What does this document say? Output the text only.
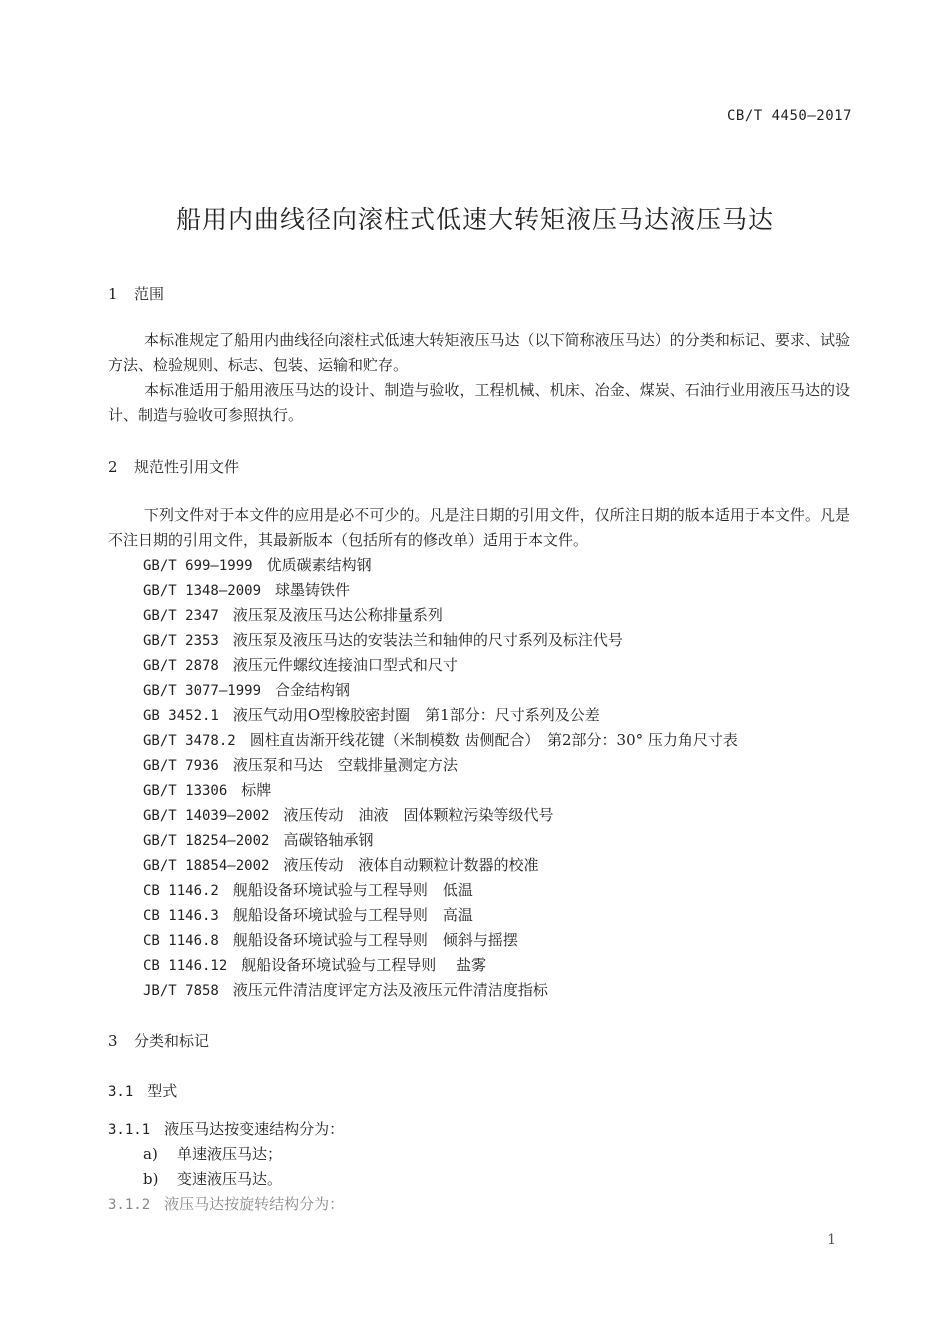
CB/T 4450—2017
船用内曲线径向滚柱式低速大转矩液压马达液压马达
1 范围
本标准规定了船用内曲线径向滚柱式低速大转矩液压马达（以下简称液压马达）的分类和标记、要求、试验方法、检验规则、标志、包装、运输和贮存。
本标准适用于船用液压马达的设计、制造与验收，工程机械、机床、冶金、煤炭、石油行业用液压马达的设计、制造与验收可参照执行。
2 规范性引用文件
下列文件对于本文件的应用是必不可少的。凡是注日期的引用文件，仅所注日期的版本适用于本文件。凡是不注日期的引用文件，其最新版本（包括所有的修改单）适用于本文件。
GB/T 699—1999 优质碳素结构钢
GB/T 1348—2009 球墨铸铁件
GB/T 2347 液压泵及液压马达公称排量系列
GB/T 2353 液压泵及液压马达的安装法兰和轴伸的尺寸系列及标注代号
GB/T 2878 液压元件螺纹连接油口型式和尺寸
GB/T 3077—1999 合金结构钢
GB 3452.1 液压气动用O型橡胶密封圈　第1部分：尺寸系列及公差
GB/T 3478.2 圆柱直齿渐开线花键（米制模数 齿侧配合）　第2部分：30° 压力角尺寸表
GB/T 7936 液压泵和马达　空载排量测定方法
GB/T 13306 标牌
GB/T 14039—2002 液压传动　油液　固体颗粒污染等级代号
GB/T 18254—2002 高碳铬轴承钢
GB/T 18854—2002 液压传动　液体自动颗粒计数器的校准
CB 1146.2 舰船设备环境试验与工程导则　低温
CB 1146.3 舰船设备环境试验与工程导则　高温
CB 1146.8 舰船设备环境试验与工程导则　倾斜与摇摆
CB 1146.12 舰船设备环境试验与工程导则　 盐雾
JB/T 7858 液压元件清洁度评定方法及液压元件清洁度指标
3 分类和标记
3.1 型式
3.1.1 液压马达按变速结构分为：
a) 单速液压马达；
b) 变速液压马达。
3.1.2 液压马达按旋转结构分为：
1
